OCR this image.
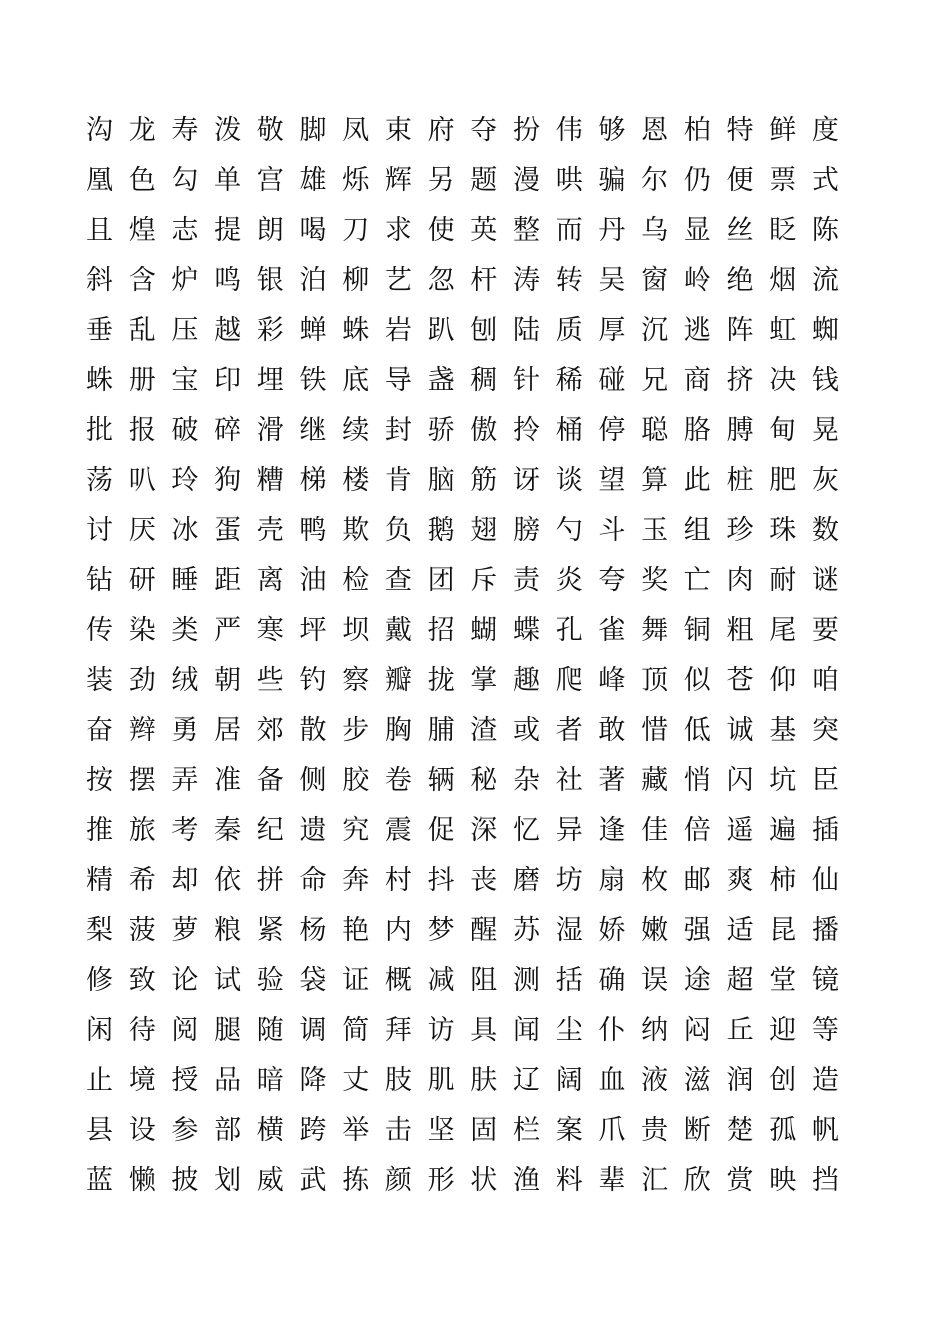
沟龙寿泼敬脚凤束府夺扮伟够恩柏特鲜度
凰色勾单宫雄烁辉另题漫哄骗尔仍便票式
且煌志提朗喝刀求使英整而丹乌显丝眨陈
斜含炉鸣银泊柳艺忽杆涛转吴窗岭绝烟流
垂乱压越彩蝉蛛岩趴刨陆质厚沉逃阵虹蜘
蛛册宝印埋铁底导盏稠针稀碰兄商挤决钱
批报破碎滑继续封骄傲拎桶停聪胳膊甸晃
荡叭玲狗糟梯楼肯脑筋讶谈望算此桩肥灰
讨厌冰蛋壳鸭欺负鹅翅膀勺斗玉组珍珠数
钻研睡距离油检查团斥责炎夸奖亡肉耐谜
传染类严寒坪坝戴招蝴蝶孔雀舞铜粗尾要
装劲绒朝些钓察瓣拢掌趣爬峰顶似苍仰咱
奋辫勇居郊散步胸脯渣或者敢惜低诚基突
按摆弄准备侧胶卷辆秘杂社著藏悄闪坑臣
推旅考秦纪遗究震促深忆异逢佳倍遥遍插
精希却依拼命奔村抖丧磨坊扇枚邮爽柿仙
梨菠萝粮紧杨艳内梦醒苏湿娇嫩强适昆播
修致论试验袋证概减阻测括确误途超堂镜
闲待阅腿随调简拜访具闻尘仆纳闷丘迎等
止境授品暗降丈肢肌肤辽阔血液滋润创造
县设参部横跨举击坚固栏案爪贵断楚孤帆
蓝懒披划威武拣颜形状渔料辈汇欣赏映挡
